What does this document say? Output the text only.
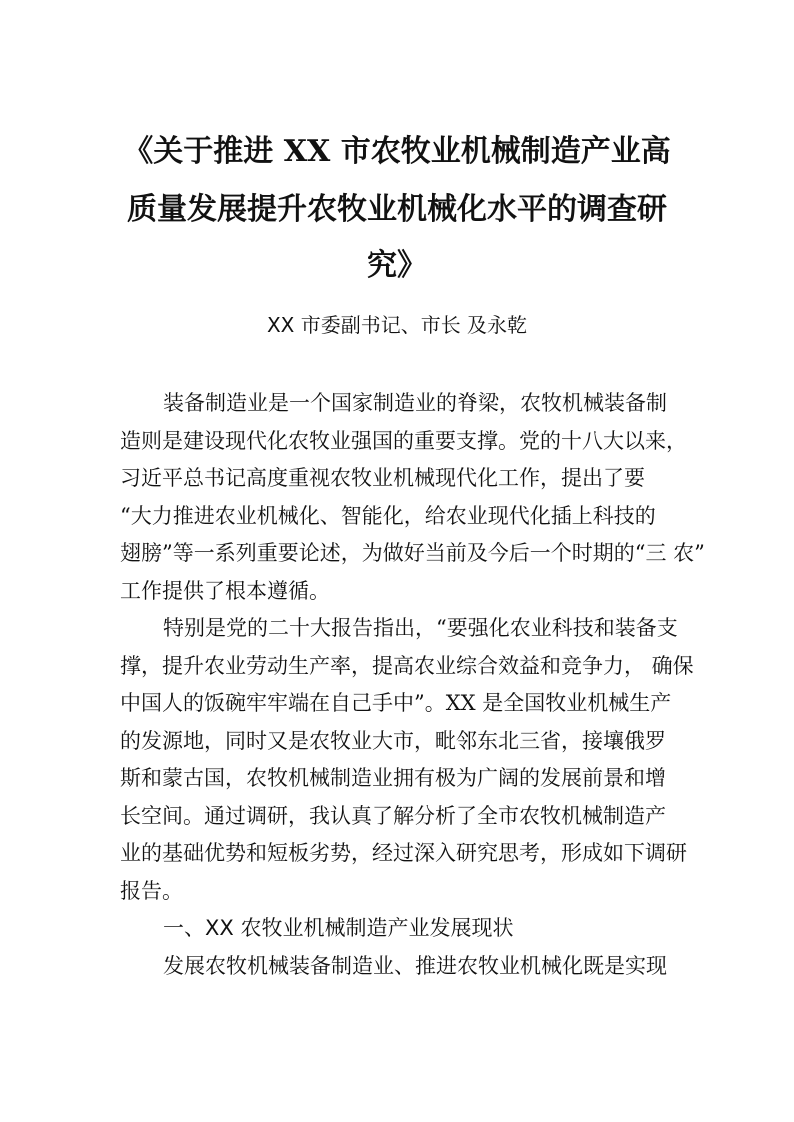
《关于推进 XX 市农牧业机械制造产业高
质量发展提升农牧业机械化水平的调查研
究》
XX 市委副书记、市长 及永乾
装备制造业是一个国家制造业的脊梁，农牧机械装备制
造则是建设现代化农牧业强国的重要支撑。党的十八大以来，
习近平总书记高度重视农牧业机械现代化工作，提出了要
“大力推进农业机械化、智能化，给农业现代化插上科技的
翅膀”等一系列重要论述，为做好当前及今后一个时期的“三 农”
工作提供了根本遵循。
特别是党的二十大报告指出，“要强化农业科技和装备支
撑，提升农业劳动生产率，提高农业综合效益和竞争力， 确保
中国人的饭碗牢牢端在自己手中”。XX 是全国牧业机械生产
的发源地，同时又是农牧业大市，毗邻东北三省，接壤俄罗
斯和蒙古国，农牧机械制造业拥有极为广阔的发展前景和增
长空间。通过调研，我认真了解分析了全市农牧机械制造产
业的基础优势和短板劣势，经过深入研究思考，形成如下调研
报告。
一、XX 农牧业机械制造产业发展现状
发展农牧机械装备制造业、推进农牧业机械化既是实现
